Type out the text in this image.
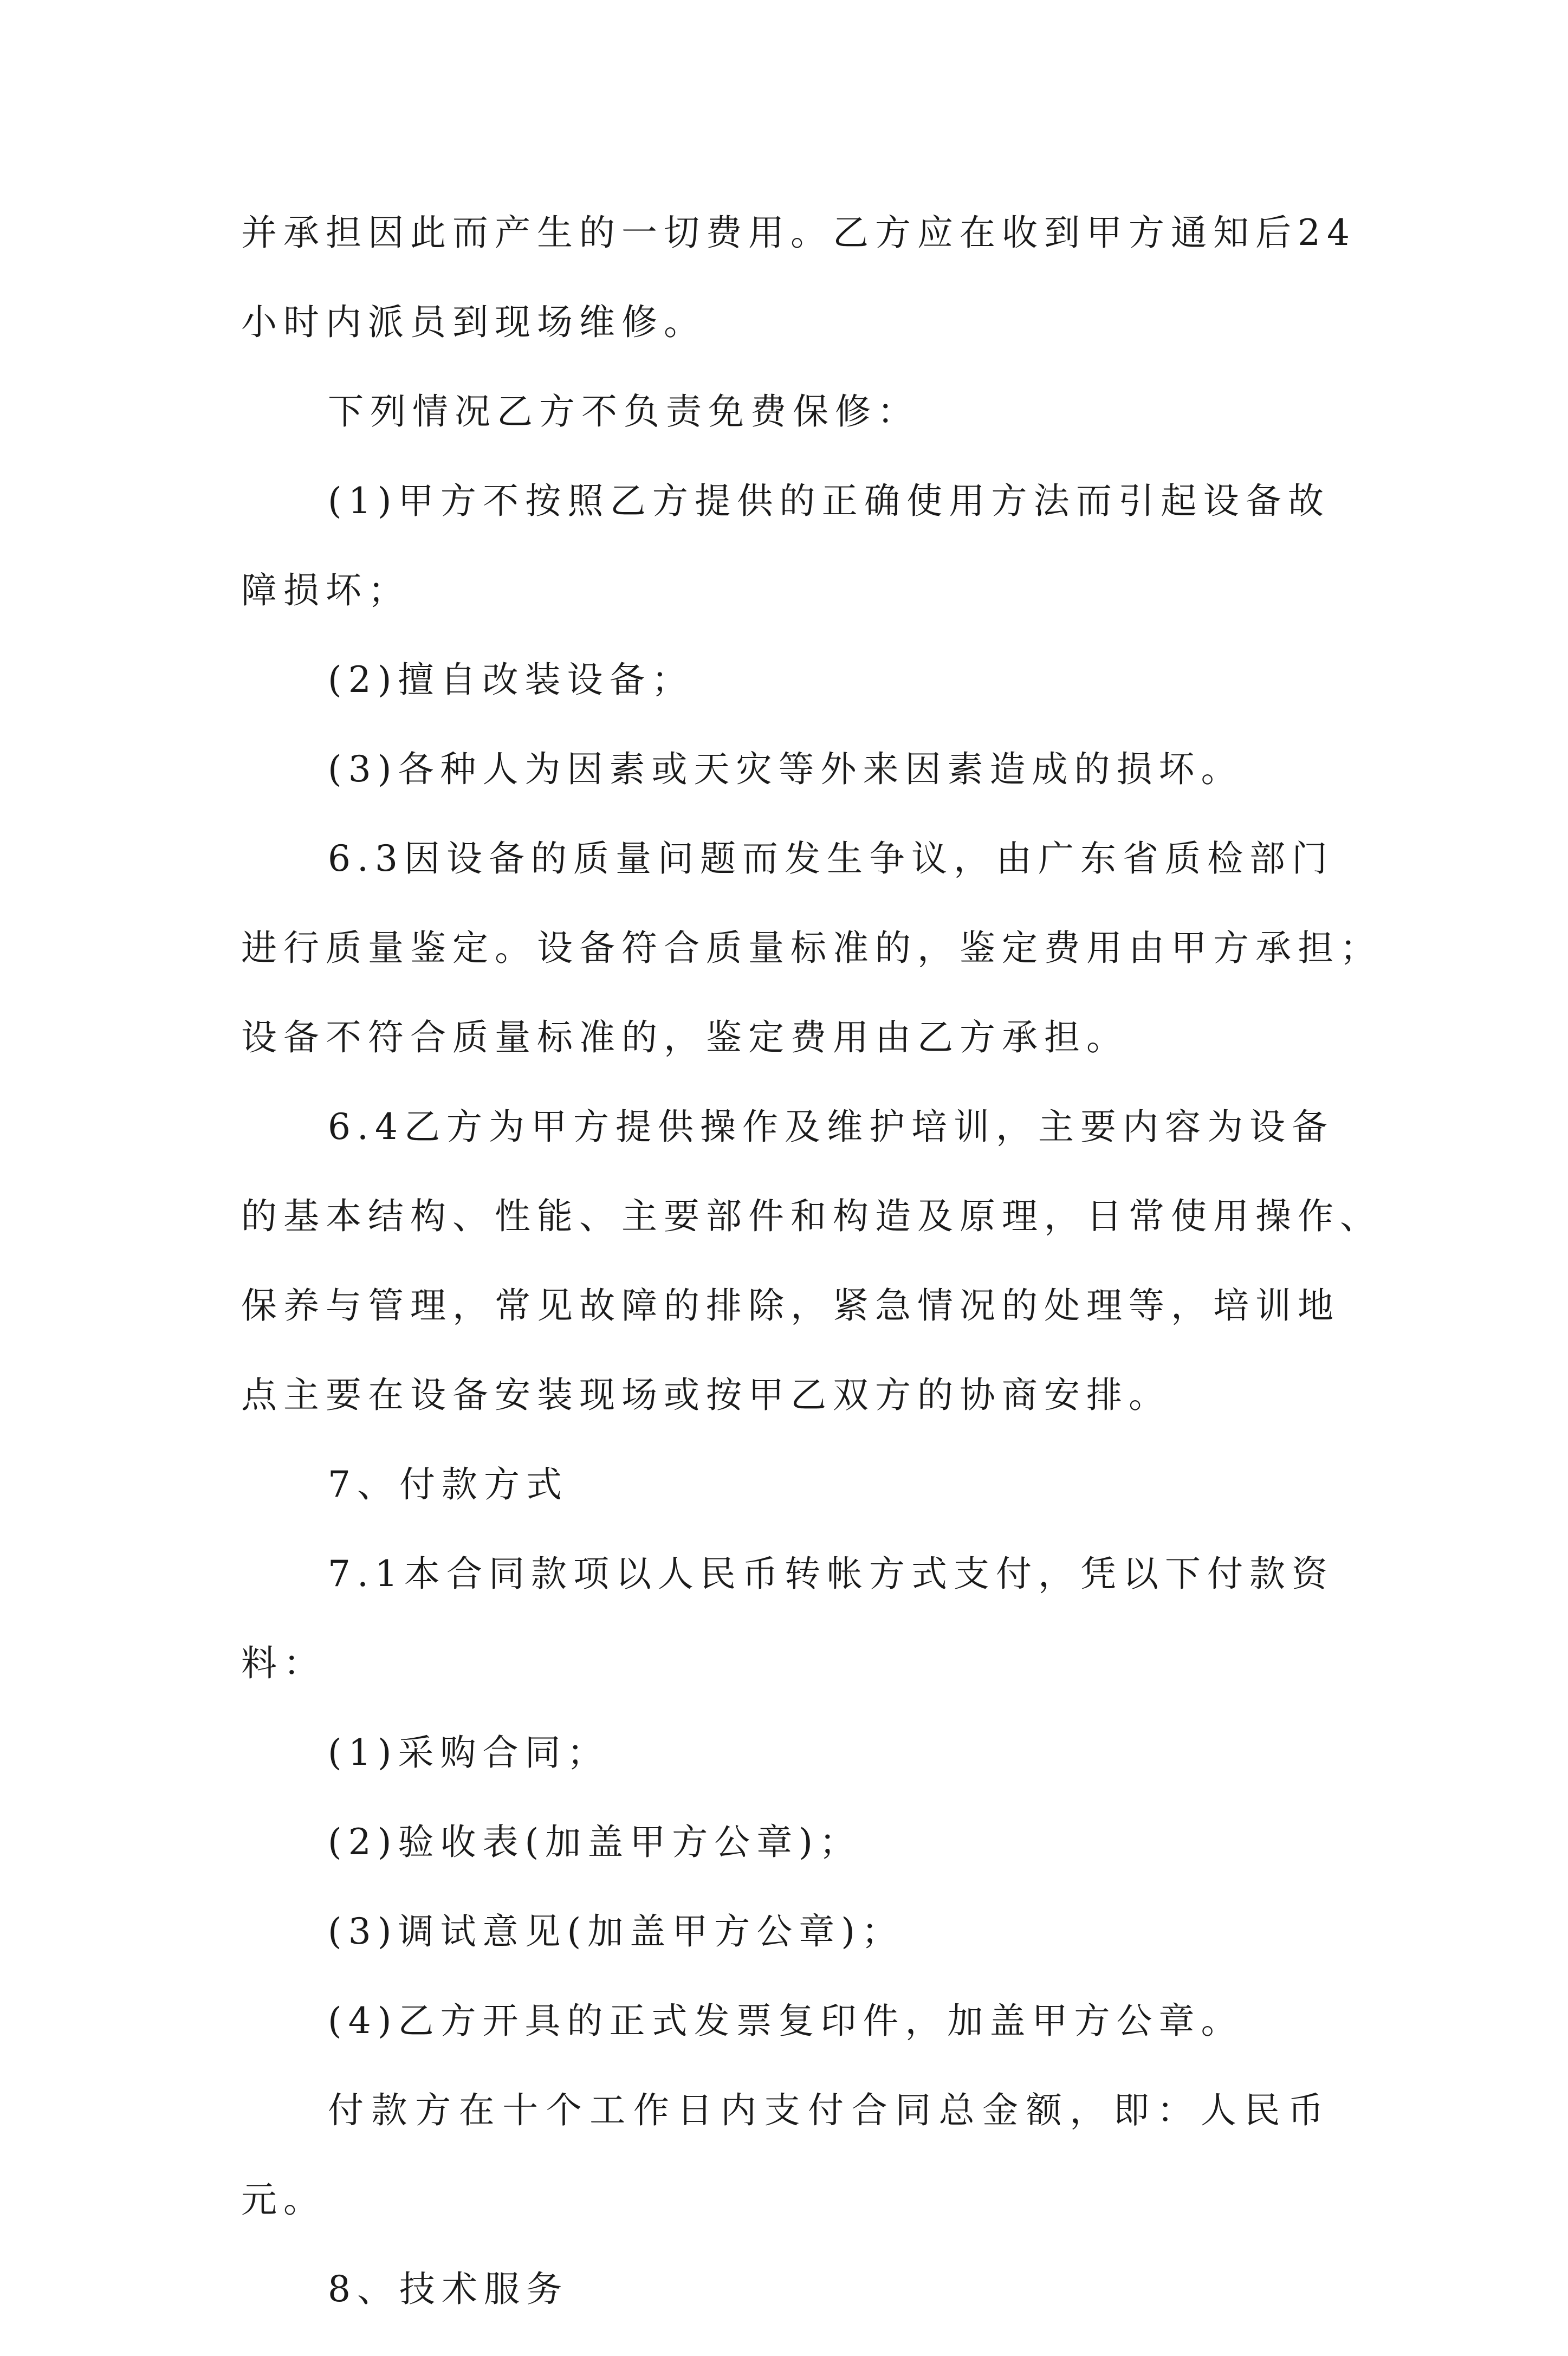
并承担因此而产生的一切费用。乙方应在收到甲方通知后24
小时内派员到现场维修。
下列情况乙方不负责免费保修：
(1)甲方不按照乙方提供的正确使用方法而引起设备故
障损坏；
(2)擅自改装设备；
(3)各种人为因素或天灾等外来因素造成的损坏。
6.3因设备的质量问题而发生争议，由广东省质检部门
进行质量鉴定。设备符合质量标准的，鉴定费用由甲方承担；
设备不符合质量标准的，鉴定费用由乙方承担。
6.4乙方为甲方提供操作及维护培训，主要内容为设备
的基本结构、性能、主要部件和构造及原理，日常使用操作、
保养与管理，常见故障的排除，紧急情况的处理等，培训地
点主要在设备安装现场或按甲乙双方的协商安排。
7、付款方式
7.1本合同款项以人民币转帐方式支付，凭以下付款资
料：
(1)采购合同；
(2)验收表(加盖甲方公章)；
(3)调试意见(加盖甲方公章)；
(4)乙方开具的正式发票复印件，加盖甲方公章。
付款方在十个工作日内支付合同总金额，即：人民币
元。
8、技术服务
